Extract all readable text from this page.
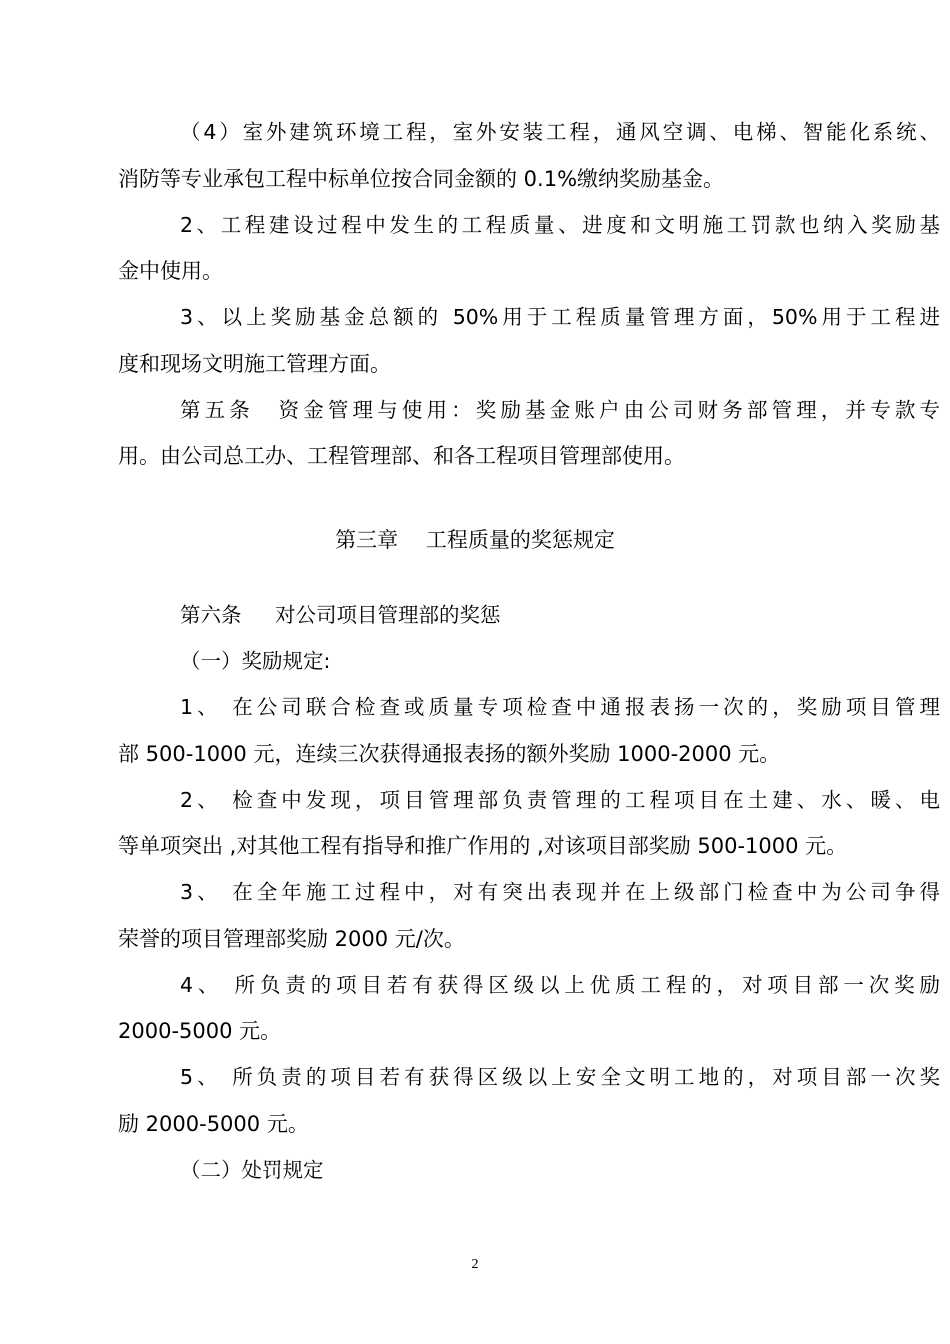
（4）室外建筑环境工程，室外安装工程，通风空调、电梯、智能化系统、
消防等专业承包工程中标单位按合同金额的 0.1%缴纳奖励基金。
2、工程建设过程中发生的工程质量、进度和文明施工罚款也纳入奖励基
金中使用。
3、以上奖励基金总额的 50%用于工程质量管理方面，50%用于工程进
度和现场文明施工管理方面。
第五条　资金管理与使用：奖励基金账户由公司财务部管理，并专款专
用。由公司总工办、工程管理部、和各工程项目管理部使用。
第三章　 工程质量的奖惩规定
第六条　  对公司项目管理部的奖惩
（一）奖励规定:
1、 在公司联合检查或质量专项检查中通报表扬一次的，奖励项目管理
部 500-1000 元，连续三次获得通报表扬的额外奖励 1000-2000 元。
2、 检查中发现，项目管理部负责管理的工程项目在土建、水、暖、电
等单项突出 ,对其他工程有指导和推广作用的 ,对该项目部奖励 500-1000 元。
3、 在全年施工过程中，对有突出表现并在上级部门检查中为公司争得
荣誉的项目管理部奖励 2000 元/次。
4、 所负责的项目若有获得区级以上优质工程的，对项目部一次奖励
2000-5000 元。
5、 所负责的项目若有获得区级以上安全文明工地的，对项目部一次奖
励 2000-5000 元。
（二）处罚规定
2
